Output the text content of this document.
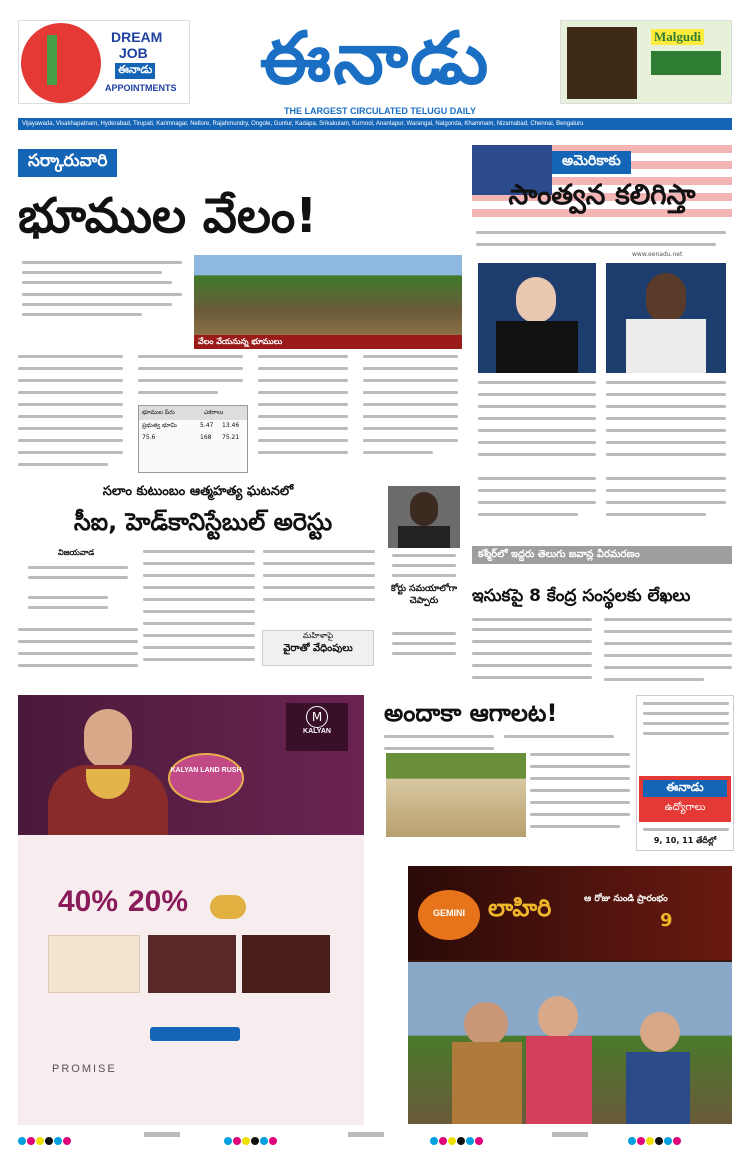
DREAM
JOB
ఈనాడు
APPOINTMENTS	ఈనాడు
THE LARGEST CIRCULATED TELUGU DAILY
Malgudi
Vijayawada, Visakhapatnam, Hyderabad, Tirupati, Karimnagar, Nellore, Rajahmundry, Ongole, Guntur, Kadapa, Srikakulam, Kurnool, Anantapur, Warangal, Nalgonda, Khammam, Nizamabad, Chennai, Bengaluru
సర్కారువారి
భూముల వేలం!
వేలం వేయనున్న భూములు
భూముల పేరు	ఎకరాలు
ప్రభుత్వ భూమి	5.47	13.46
75.6	168	75.21
అమెరికాకు
సాంత్వన కలిగిస్తా
www.eenadu.net
సలాం కుటుంబం ఆత్మహత్య ఘటనలో
సీఐ, హెడ్‌కానిస్టేబుల్ అరెస్టు
విజయవాడ
మహిళాపై
వైరాతో వేధింపులు
కోర్టు సమయాలోగా చెప్పారు
కశ్మీర్‌లో ఇద్దరు తెలుగు జవాన్ల వీరమరణం
ఇసుకపై 8 కేంద్ర సంస్థలకు లేఖలు
M
KALYAN
KALYAN LAND RUSH
40% 20%
PROMISE
అందాకా ఆగాలట!
ఈనాడు
ఉద్యోగాలు
9, 10, 11 తేదీల్లో
GEMINI లాహిరి	ఆ రోజు నుండి ప్రారంభం
9
